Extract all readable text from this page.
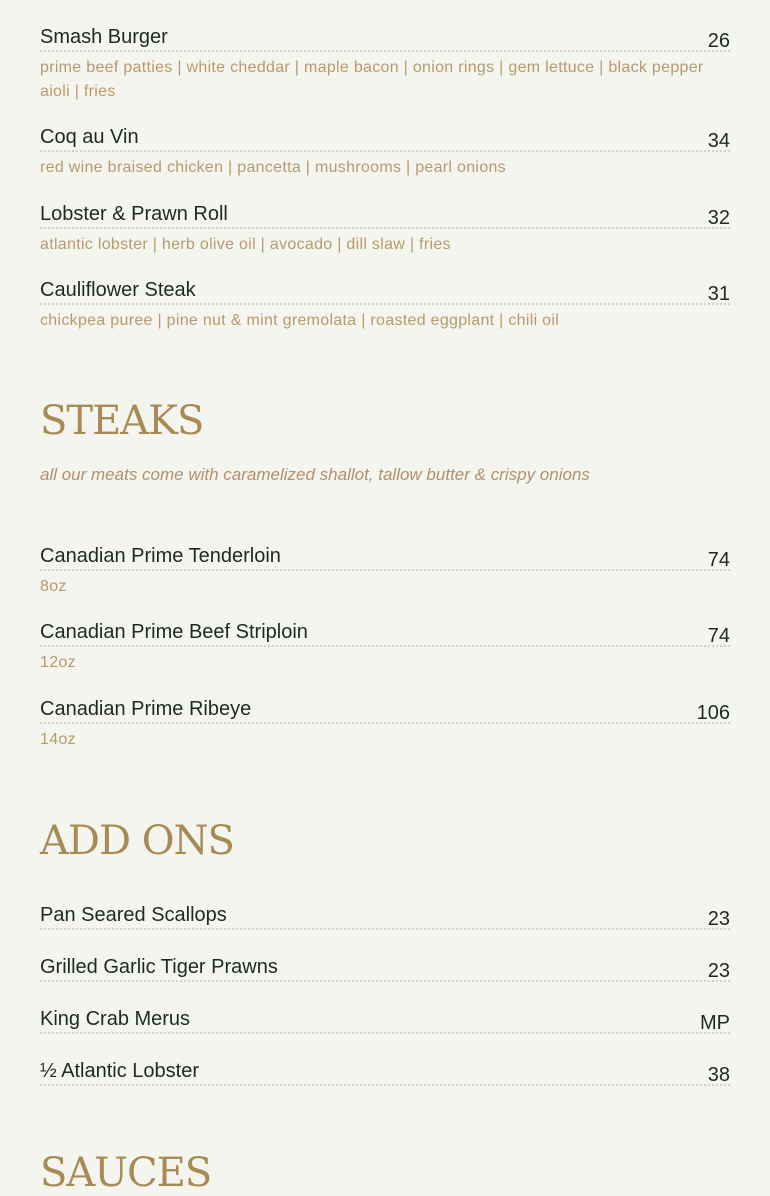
Smash Burger	26
prime beef patties | white cheddar | maple bacon | onion rings | gem lettuce | black pepper aioli | fries
Coq au Vin	34
red wine braised chicken | pancetta | mushrooms | pearl onions
Lobster & Prawn Roll	32
atlantic lobster | herb olive oil | avocado | dill slaw | fries
Cauliflower Steak	31
chickpea puree | pine nut & mint gremolata | roasted eggplant | chili oil
STEAKS
all our meats come with caramelized shallot, tallow butter & crispy onions
Canadian Prime Tenderloin	74
8oz
Canadian Prime Beef Striploin	74
12oz
Canadian Prime Ribeye	106
14oz
ADD ONS
Pan Seared Scallops	23
Grilled Garlic Tiger Prawns	23
King Crab Merus	MP
½ Atlantic Lobster	38
SAUCES
